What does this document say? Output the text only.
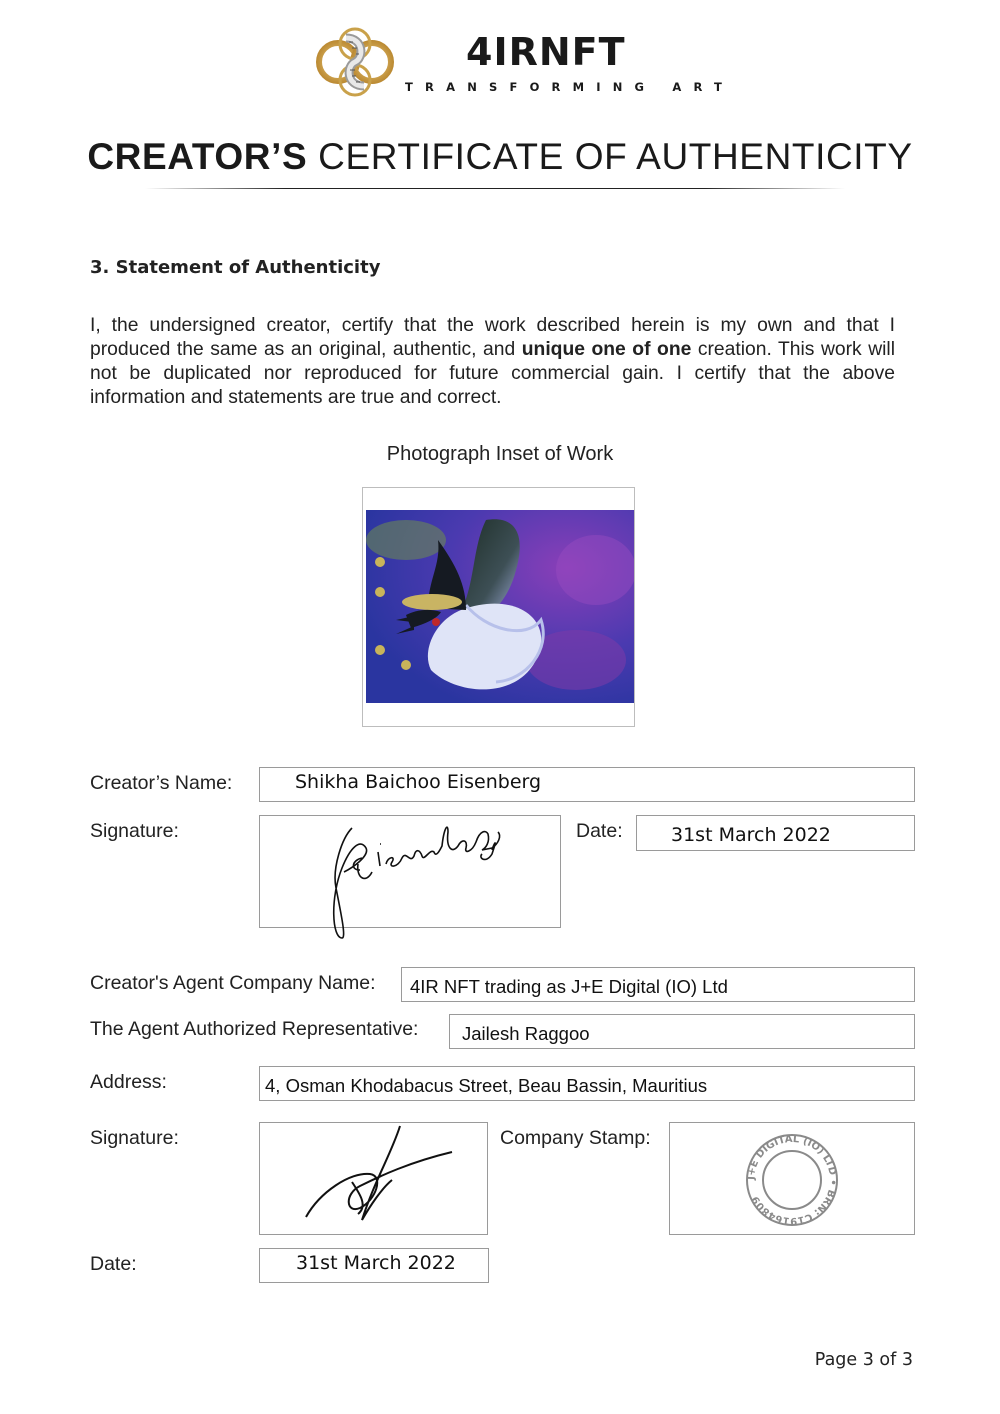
4IRNFT
TRANSFORMING ART
CREATOR’S CERTIFICATE OF AUTHENTICITY
3. Statement of Authenticity
I, the undersigned creator, certify that the work described herein is my own and that I produced the same as an original, authentic, and unique one of one creation. This work will not be duplicated nor reproduced for future commercial gain. I certify that the above information and statements are true and correct.
Photograph Inset of Work
Creator’s Name:	Shikha Baichoo Eisenberg
Signature:	Date:	31st March 2022
Creator's Agent Company Name: 4IR NFT trading as J+E Digital (IO) Ltd
The Agent Authorized Representative: Jailesh Raggoo
Address:	4, Osman Khodabacus Street, Beau Bassin, Mauritius
Signature:	Company Stamp:
J+E DIGITAL (IO) LTD • BRN: C19164809
Date:	31st March 2022
Page 3 of 3
